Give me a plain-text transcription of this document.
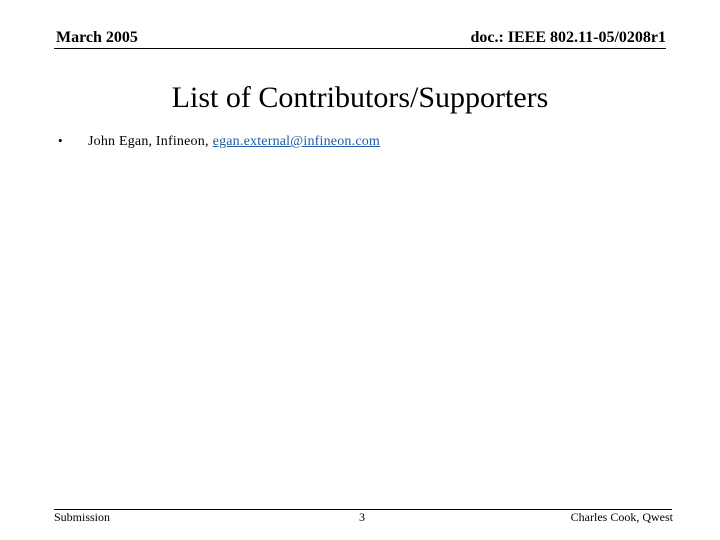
March 2005	doc.: IEEE 802.11-05/0208r1
List of Contributors/Supporters
•	John Egan, Infineon, egan.external@infineon.com
Submission	3	Charles Cook, Qwest
